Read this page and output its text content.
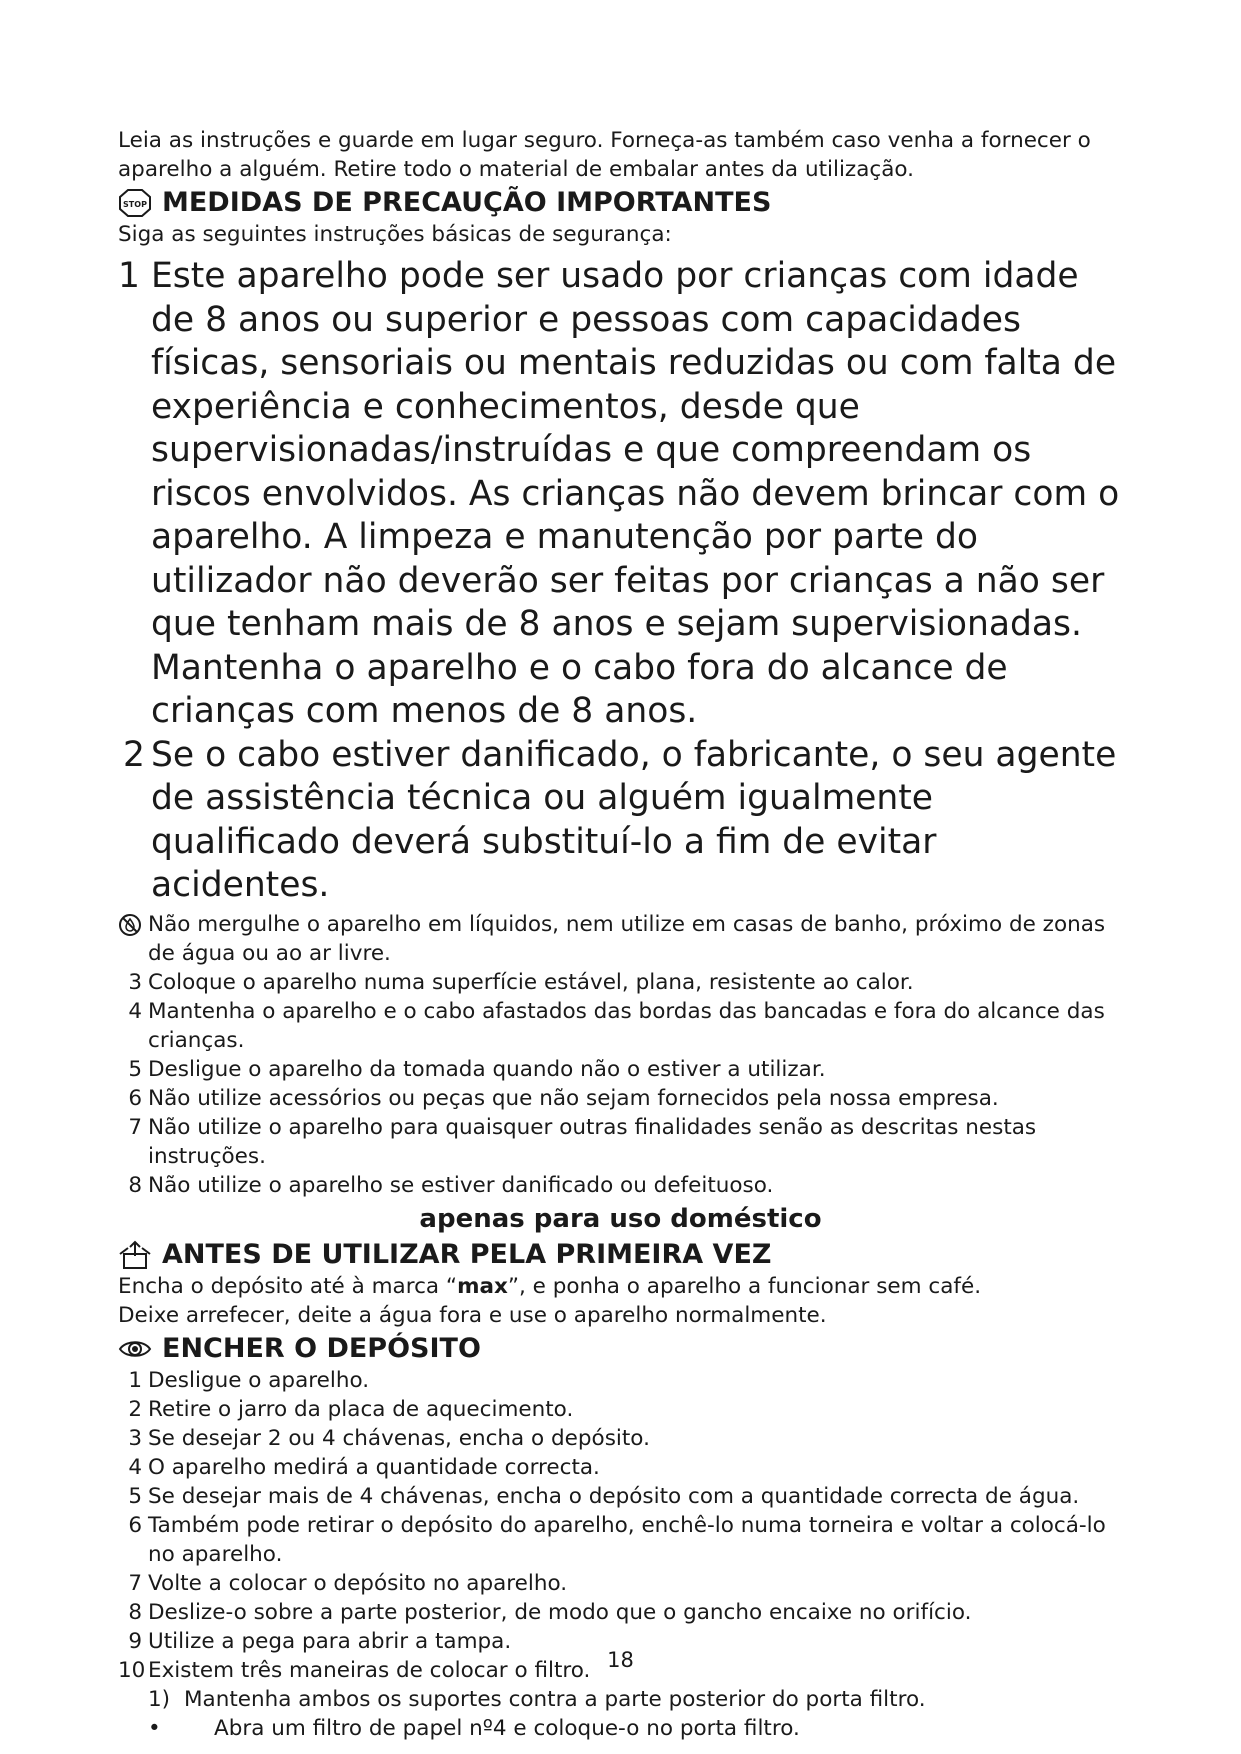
Leia as instruções e guarde em lugar seguro. Forneça-as também caso venha a fornecer o

aparelho a alguém. Retire todo o material de embalar antes da utilização.

STOP MEDIDAS DE PRECAUÇÃO IMPORTANTES

Siga as seguintes instruções básicas de segurança:

1 Este aparelho pode ser usado por crianças com idade de 8 anos ou superior e pessoas com capacidades físicas, sensoriais ou mentais reduzidas ou com falta de experiência e conhecimentos, desde que supervisionadas/instruídas e que compreendam os riscos envolvidos. As crianças não devem brincar com o aparelho. A limpeza e manutenção por parte do utilizador não deverão ser feitas por crianças a não ser que tenham mais de 8 anos e sejam supervisionadas. Mantenha o aparelho e o cabo fora do alcance de crianças com menos de 8 anos.
2 Se o cabo estiver danificado, o fabricante, o seu agente de assistência técnica ou alguém igualmente qualificado deverá substituí-lo a fim de evitar acidentes.
Não mergulhe o aparelho em líquidos, nem utilize em casas de banho, próximo de zonas de água ou ao ar livre.
3 Coloque o aparelho numa superfície estável, plana, resistente ao calor.
4 Mantenha o aparelho e o cabo afastados das bordas das bancadas e fora do alcance das crianças.
5 Desligue o aparelho da tomada quando não o estiver a utilizar.
6 Não utilize acessórios ou peças que não sejam fornecidos pela nossa empresa.
7 Não utilize o aparelho para quaisquer outras finalidades senão as descritas nestas instruções.
8 Não utilize o aparelho se estiver danificado ou defeituoso.

apenas para uso doméstico

ANTES DE UTILIZAR PELA PRIMEIRA VEZ

Encha o depósito até à marca “max”, e ponha o aparelho a funcionar sem café.

Deixe arrefecer, deite a água fora e use o aparelho normalmente.

ENCHER O DEPÓSITO
1 Desligue o aparelho.
2 Retire o jarro da placa de aquecimento.
3 Se desejar 2 ou 4 chávenas, encha o depósito.
4 O aparelho medirá a quantidade correcta.
5 Se desejar mais de 4 chávenas, encha o depósito com a quantidade correcta de água.
6 Também pode retirar o depósito do aparelho, enchê-lo numa torneira e voltar a colocá-lo no aparelho.
7 Volte a colocar o depósito no aparelho.
8 Deslize-o sobre a parte posterior, de modo que o gancho encaixe no orifício.
9 Utilize a pega para abrir a tampa.
10 Existem três maneiras de colocar o filtro.
1) Mantenha ambos os suportes contra a parte posterior do porta filtro.
•	Abra um filtro de papel nº4 e coloque-o no porta filtro.
18
